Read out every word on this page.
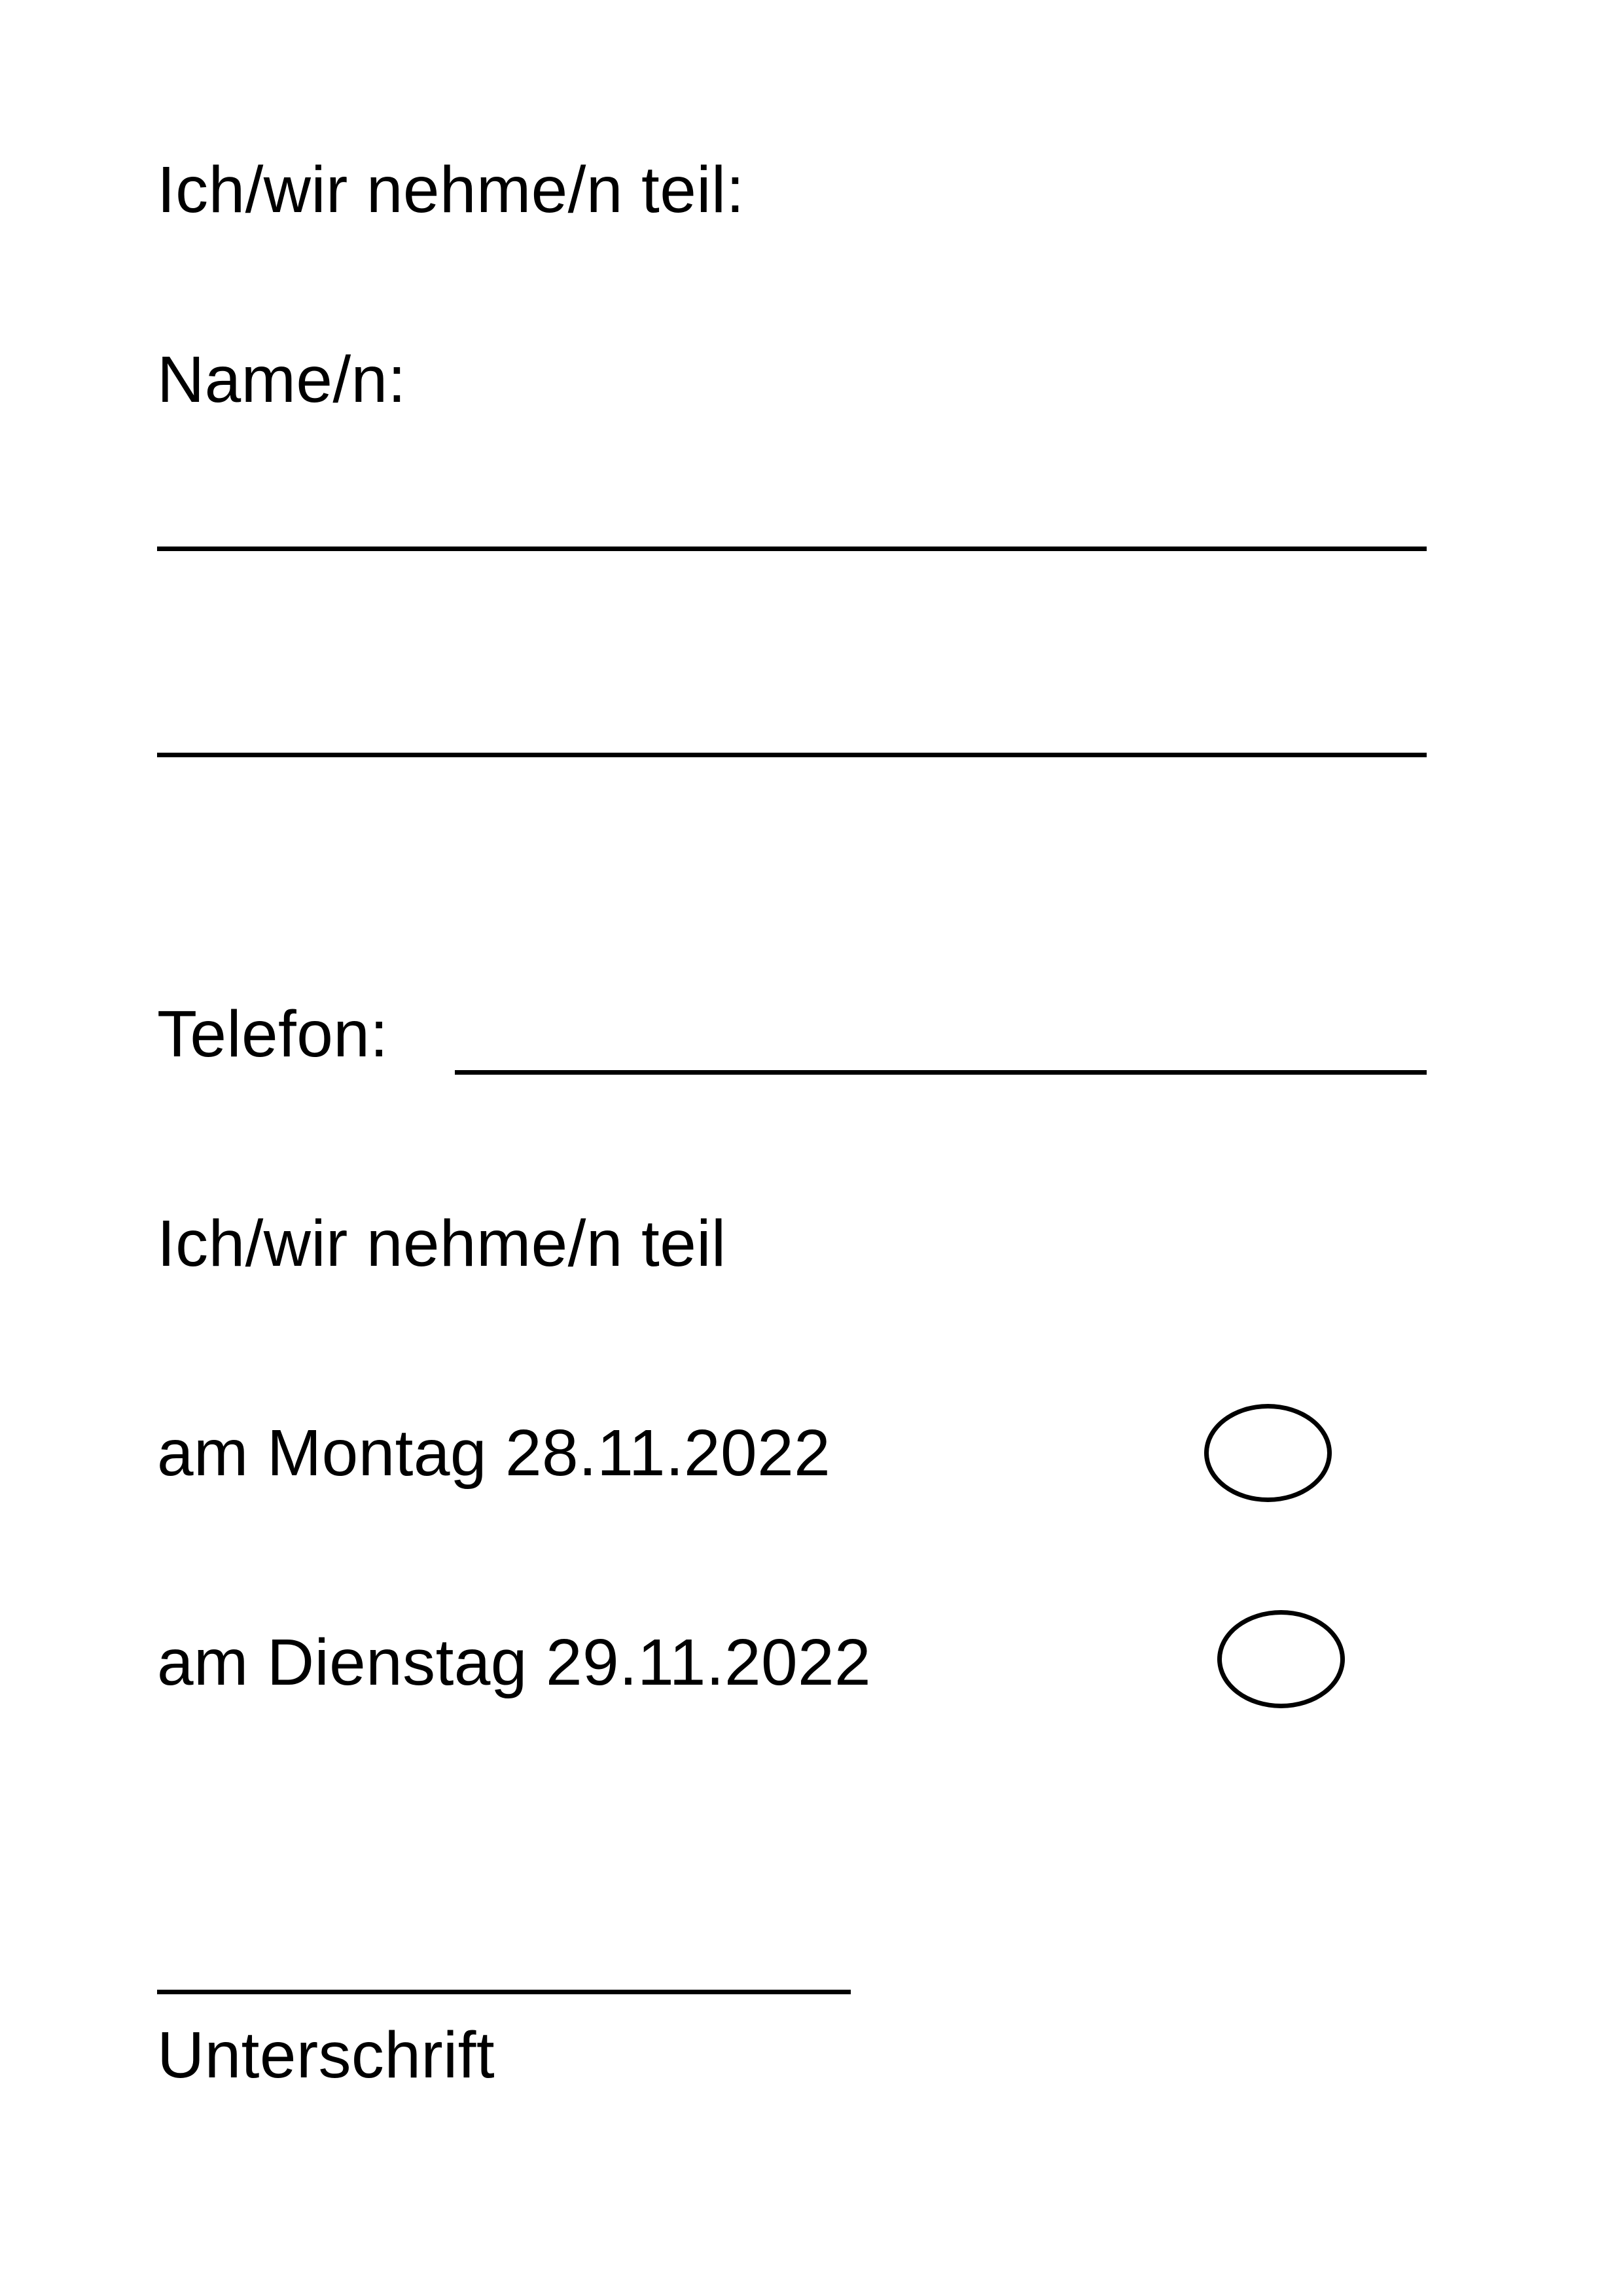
Ich/wir nehme/n teil:
Name/n:
Telefon:
Ich/wir nehme/n teil
am Montag 28.11.2022
am Dienstag 29.11.2022
Unterschrift
